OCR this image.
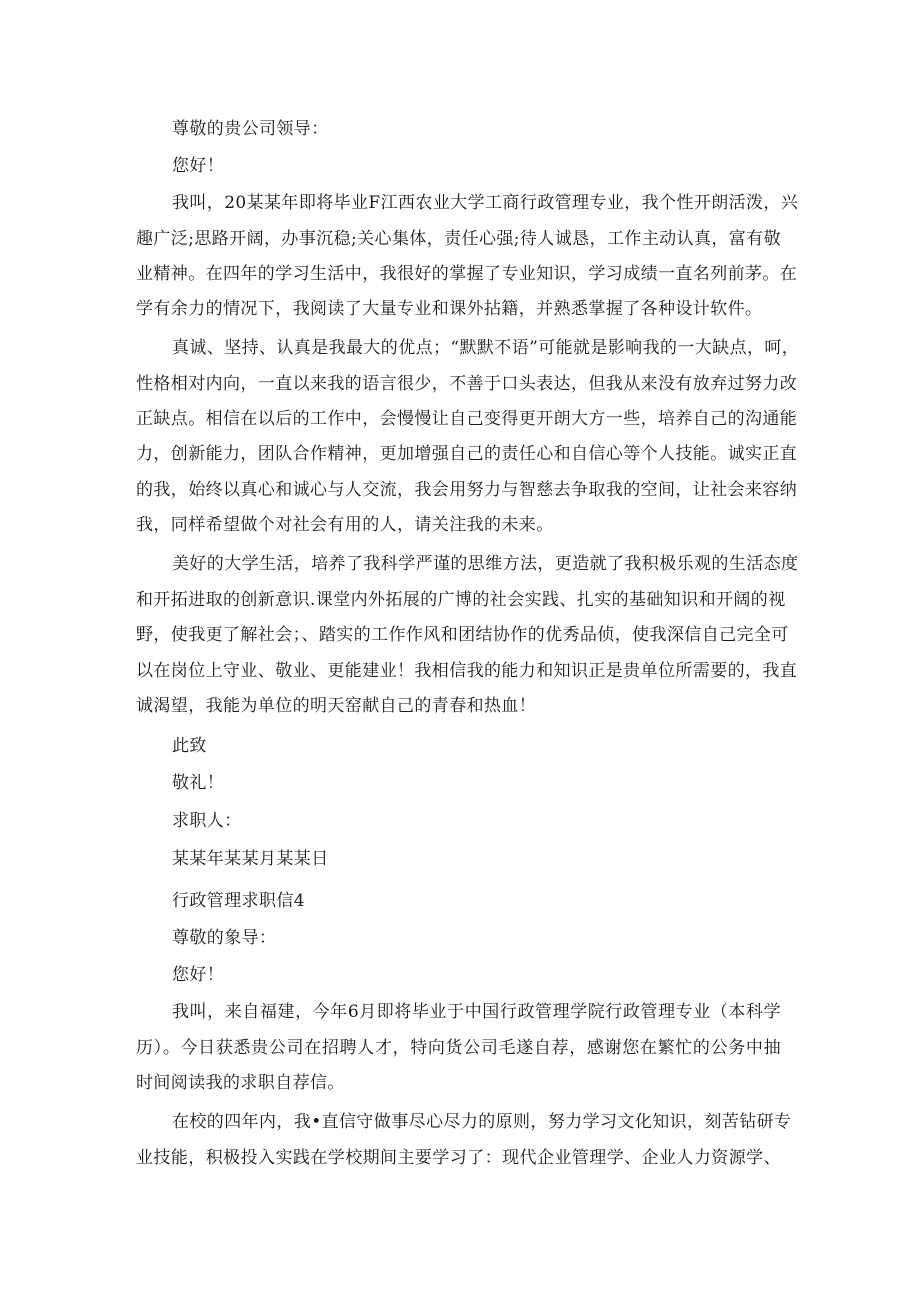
尊敬的贵公司领导：
您好！
我叫，20某某年即将毕业F江西农业大学工商行政管理专业，我个性开朗活泼，兴
趣广泛;思路开阔，办事沉稳;关心集体，责任心强;待人诚恳，工作主动认真，富有敬
业精神。在四年的学习生活中，我很好的掌握了专业知识，学习成绩一直名列前茅。在
学有余力的情况下，我阅读了大量专业和课外拈籍，并熟悉掌握了各种设计软件。
真诚、坚持、认真是我最大的优点；“默默不语”可能就是影响我的一大缺点，呵，
性格相对内向，一直以来我的语言很少，不善于口头表达，但我从来没有放弃过努力改
正缺点。相信在以后的工作中，会慢慢让自己变得更开朗大方一些，培养自己的沟通能
力，创新能力，团队合作精神，更加增强自己的责任心和自信心等个人技能。诚实正直
的我，始终以真心和诚心与人交流，我会用努力与智慈去争取我的空间，让社会来容纳
我，同样希望做个对社会有用的人，请关注我的未来。
美好的大学生活，培养了我科学严谨的思维方法，更造就了我积极乐观的生活态度
和开拓进取的创新意识.课堂内外拓展的广博的社会实践、扎实的基础知识和开阔的视
野，使我更了解社会；、踏实的工作作风和团结协作的优秀品侦，使我深信自己完全可
以在岗位上守业、敬业、更能建业！我相信我的能力和知识正是贵单位所需要的，我直
诚渴望，我能为单位的明天窑献自己的青春和热血！
此致
敬礼！
求职人：
某某年某某月某某日
行政管理求职信4
尊敬的象导：
您好！
我叫，来自福建，今年6月即将毕业于中国行政管理学院行政管理专业（本科学
历）。今日获悉贵公司在招聘人才，特向货公司毛遂自荐，感谢您在繁忙的公务中抽
时间阅读我的求职自荐信。
在校的四年内，我•直信守做事尽心尽力的原则，努力学习文化知识，刻苦钻研专
业技能，积极投入实践在学校期间主要学习了：现代企业管理学、企业人力资源学、
